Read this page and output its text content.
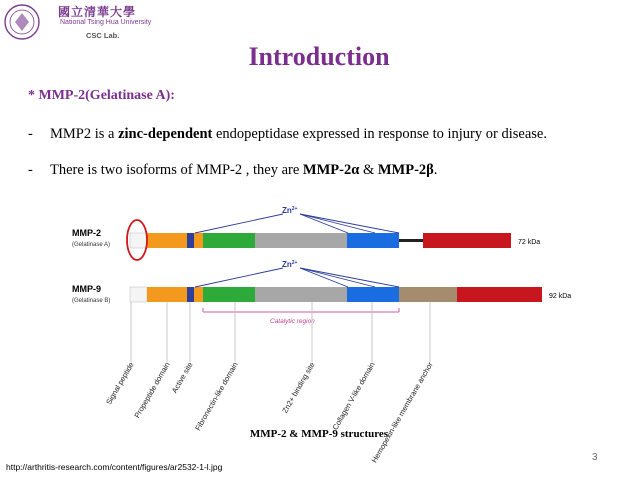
國立清華大學
National Tsing Hua University
CSC Lab.
Introduction
* MMP-2(Gelatinase A):
- MMP2 is a zinc-dependent endopeptidase expressed in response to injury or disease.
- There is two isoforms of MMP-2 , they are MMP-2α & MMP-2β.
MMP-2
(Gelatinase A)
MMP-9
(Gelatinase B)
72 kDa
$Zn^{2+}$
92 kDa
$Zn^{2+}$
Catalytic region
Signal peptide
Propeptide domain
Active site
Fibronectin-like domain	Zn2+ binding site Collagen V-like domain
Hemopexin-like membrane anchor
MMP-2 & MMP-9 structures
3
http://arthritis-research.com/content/figures/ar2532-1-l.jpg
